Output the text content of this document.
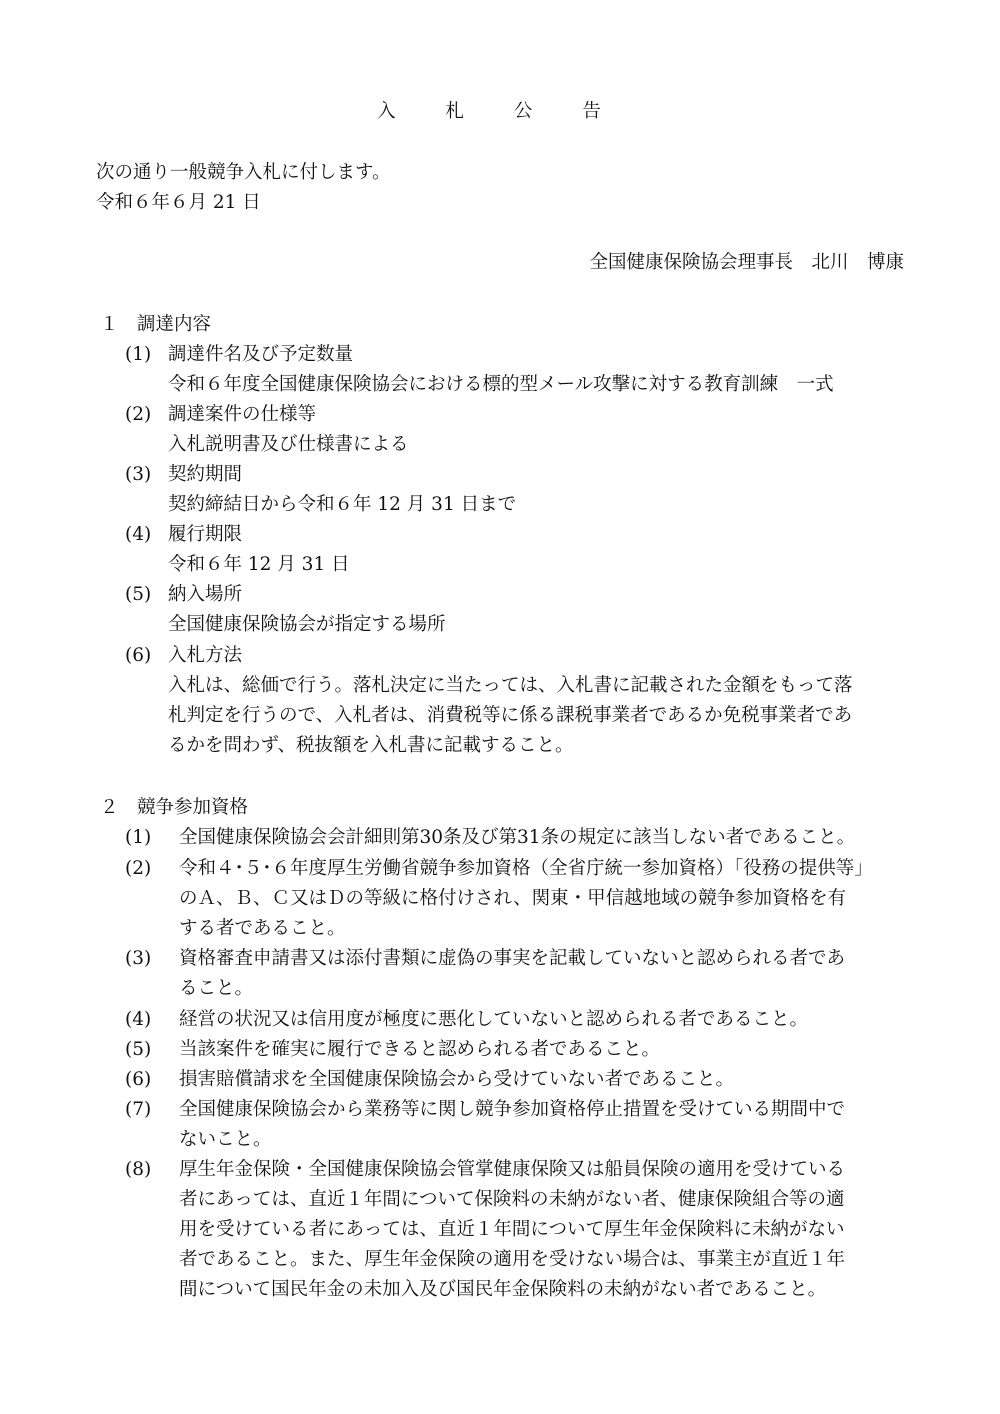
入 札 公 告
次の通り一般競争入札に付します。
令和６年６月 21 日
全国健康保険協会理事長　北川　博康
１ 調達内容
(1) 調達件名及び予定数量
令和６年度全国健康保険協会における標的型メール攻撃に対する教育訓練　一式
(2) 調達案件の仕様等
入札説明書及び仕様書による
(3) 契約期間
契約締結日から令和６年 12 月 31 日まで
(4) 履行期限
令和６年 12 月 31 日
(5) 納入場所
全国健康保険協会が指定する場所
(6) 入札方法
入札は、総価で行う。落札決定に当たっては、入札書に記載された金額をもって落
札判定を行うので、入札者は、消費税等に係る課税事業者であるか免税事業者であ
るかを問わず、税抜額を入札書に記載すること。
２ 競争参加資格
(1) 全国健康保険協会会計細則第30条及び第31条の規定に該当しない者であること。
(2) 令和４･５･６年度厚生労働省競争参加資格（全省庁統一参加資格）「役務の提供等」
のＡ、Ｂ、Ｃ又はＤの等級に格付けされ、関東・甲信越地域の競争参加資格を有
する者であること。
(3) 資格審査申請書又は添付書類に虚偽の事実を記載していないと認められる者であ
ること。
(4) 経営の状況又は信用度が極度に悪化していないと認められる者であること。
(5) 当該案件を確実に履行できると認められる者であること。
(6) 損害賠償請求を全国健康保険協会から受けていない者であること。
(7) 全国健康保険協会から業務等に関し競争参加資格停止措置を受けている期間中で
ないこと。
(8) 厚生年金保険・全国健康保険協会管掌健康保険又は船員保険の適用を受けている
者にあっては、直近１年間について保険料の未納がない者、健康保険組合等の適
用を受けている者にあっては、直近１年間について厚生年金保険料に未納がない
者であること。また、厚生年金保険の適用を受けない場合は、事業主が直近１年
間について国民年金の未加入及び国民年金保険料の未納がない者であること。
